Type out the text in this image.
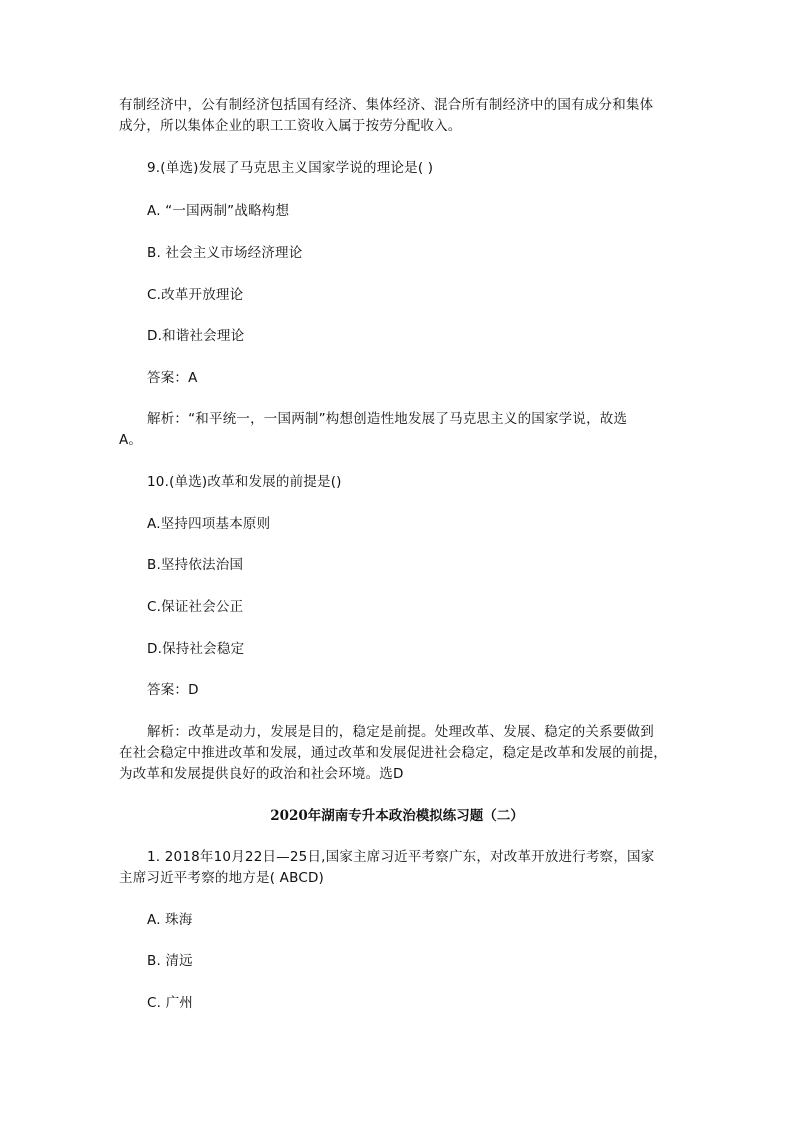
有制经济中，公有制经济包括国有经济、集体经济、混合所有制经济中的国有成分和集体
成分，所以集体企业的职工工资收入属于按劳分配收入。
9.(单选)发展了马克思主义国家学说的理论是( )
A. “一国两制”战略构想
B. 社会主义市场经济理论
C.改革开放理论
D.和谐社会理论
答案：A
解析：“和平统一，一国两制”构想创造性地发展了马克思主义的国家学说，故选
A。
10.(单选)改革和发展的前提是()
A.坚持四项基本原则
B.坚持依法治国
C.保证社会公正
D.保持社会稳定
答案：D
解析：改革是动力，发展是目的，稳定是前提。处理改革、发展、稳定的关系要做到
在社会稳定中推进改革和发展，通过改革和发展促进社会稳定，稳定是改革和发展的前提，
为改革和发展提供良好的政治和社会环境。选D
2020年湖南专升本政治模拟练习题（二）
1. 2018年10月22日—25日,国家主席习近平考察广东，对改革开放进行考察，国家
主席习近平考察的地方是( ABCD)
A. 珠海
B. 清远
C. 广州
